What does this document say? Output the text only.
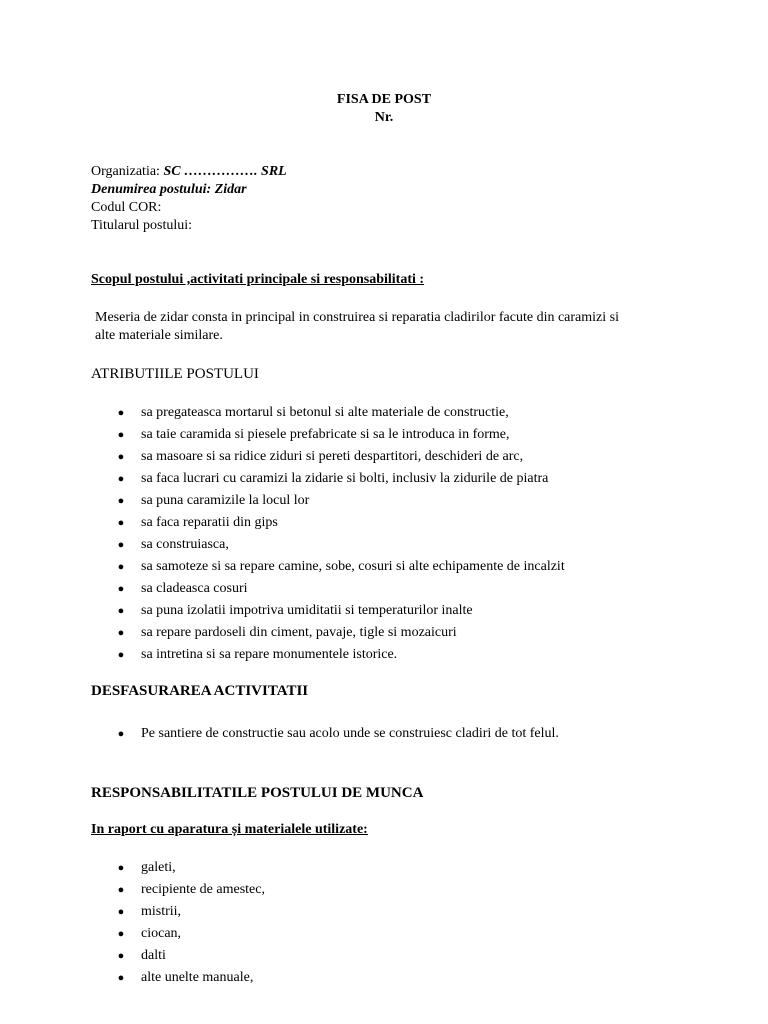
FISA DE POST
Nr.
Organizatia: SC ……………. SRL
Denumirea postului: Zidar
Codul COR:
Titularul postului:
Scopul postului ,activitati principale si responsabilitati :
Meseria de zidar consta in principal in construirea si reparatia cladirilor facute din caramizi si
alte materiale similare.
ATRIBUTIILE POSTULUI
● sa pregateasca mortarul si betonul si alte materiale de constructie,
● sa taie caramida si piesele prefabricate si sa le introduca in forme,
● sa masoare si sa ridice ziduri si pereti despartitori, deschideri de arc,
● sa faca lucrari cu caramizi la zidarie si bolti, inclusiv la zidurile de piatra
● sa puna caramizile la locul lor
● sa faca reparatii din gips
● sa construiasca,
● sa samoteze si sa repare camine, sobe, cosuri si alte echipamente de incalzit
● sa cladeasca cosuri
● sa puna izolatii impotriva umiditatii si temperaturilor inalte
● sa repare pardoseli din ciment, pavaje, tigle si mozaicuri
● sa intretina si sa repare monumentele istorice.
DESFASURAREA ACTIVITATII
● Pe santiere de constructie sau acolo unde se construiesc cladiri de tot felul.
RESPONSABILITATILE POSTULUI DE MUNCA
In raport cu aparatura și materialele utilizate:
● galeti,
● recipiente de amestec,
● mistrii,
● ciocan,
● dalti
● alte unelte manuale,
